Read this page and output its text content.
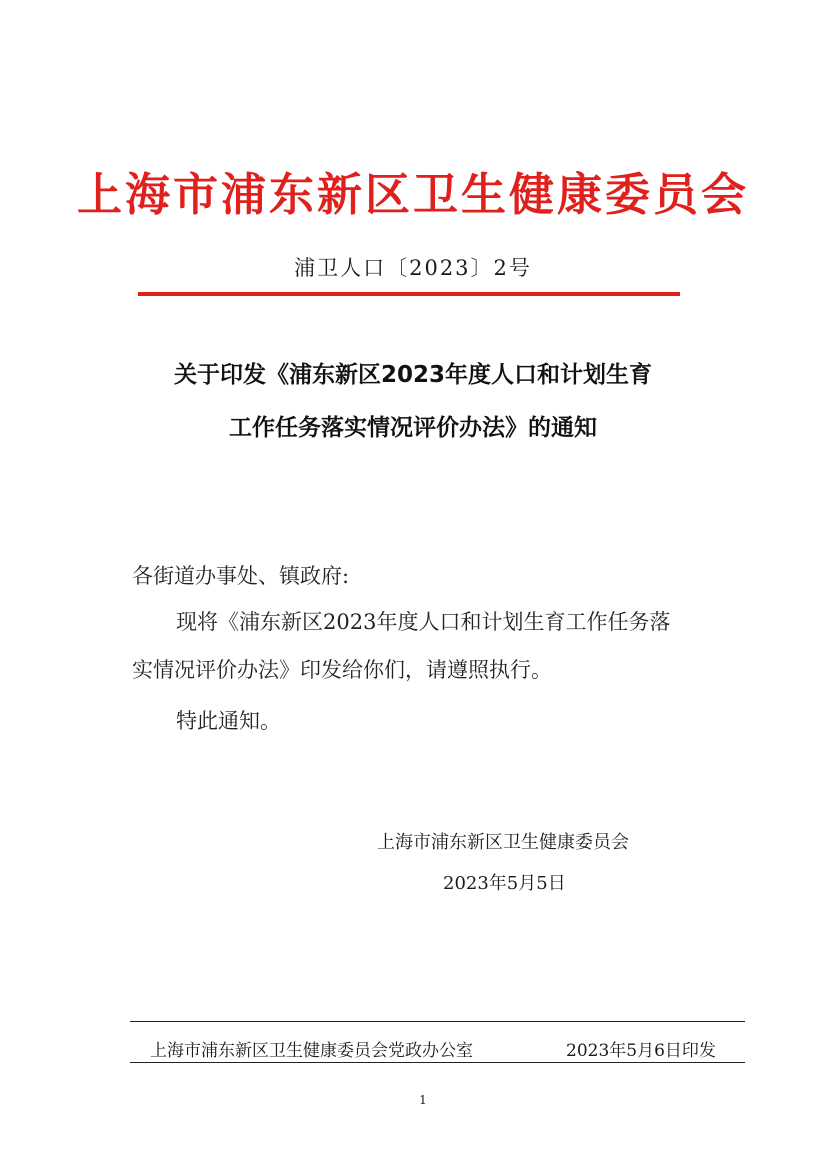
上海市浦东新区卫生健康委员会
浦卫人口〔2023〕2号
关于印发《浦东新区2023年度人口和计划生育
工作任务落实情况评价办法》的通知
各街道办事处、镇政府:
现将《浦东新区2023年度人口和计划生育工作任务落
实情况评价办法》印发给你们，请遵照执行。
特此通知。
上海市浦东新区卫生健康委员会
2023年5月5日
上海市浦东新区卫生健康委员会党政办公室	2023年5月6日印发
1
